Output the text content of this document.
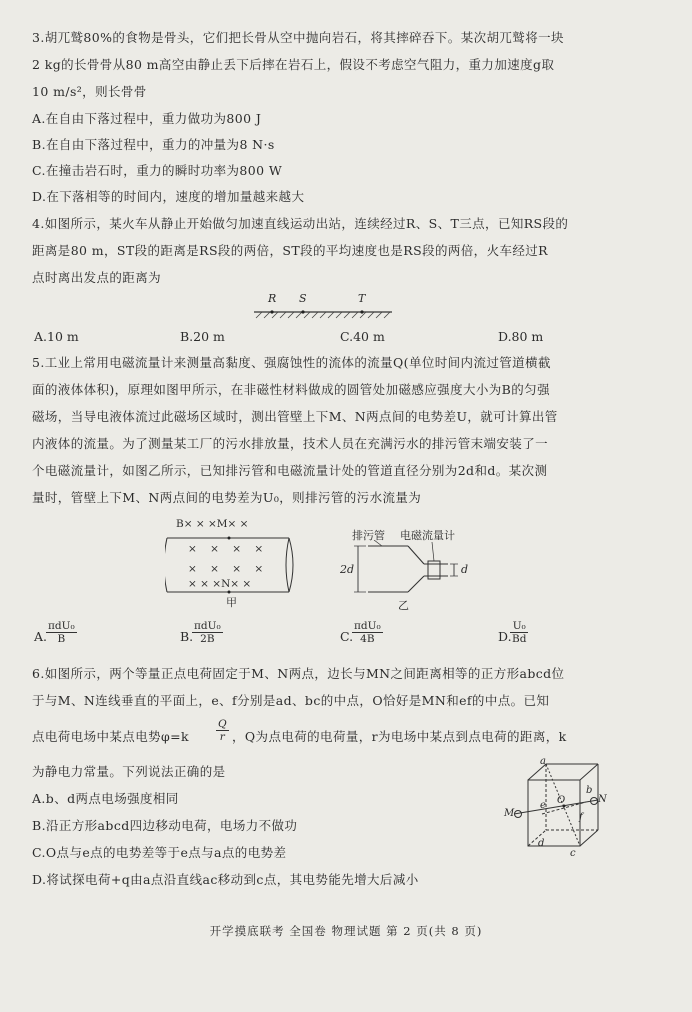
3.胡兀鹫80%的食物是骨头，它们把长骨从空中抛向岩石，将其摔碎吞下。某次胡兀鹫将一块
2 kg的长骨骨从80 m高空由静止丢下后摔在岩石上，假设不考虑空气阻力，重力加速度g取
10 m/s²，则长骨骨
A.在自由下落过程中，重力做功为800 J
B.在自由下落过程中，重力的冲量为8 N·s
C.在撞击岩石时，重力的瞬时功率为800 W
D.在下落相等的时间内，速度的增加量越来越大
4.如图所示，某火车从静止开始做匀加速直线运动出站，连续经过R、S、T三点，已知RS段的
距离是80 m，ST段的距离是RS段的两倍，ST段的平均速度也是RS段的两倍，火车经过R
点时离出发点的距离为
R S	T
A.10 m	B.20 m	C.40 m	D.80 m
5.工业上常用电磁流量计来测量高黏度、强腐蚀性的流体的流量Q(单位时间内流过管道横截
面的液体体积)，原理如图甲所示，在非磁性材料做成的圆管处加磁感应强度大小为B的匀强
磁场，当导电液体流过此磁场区域时，测出管壁上下M、N两点间的电势差U，就可计算出管
内液体的流量。为了测量某工厂的污水排放量，技术人员在充满污水的排污管末端安装了一
个电磁流量计，如图乙所示，已知排污管和电磁流量计处的管道直径分别为2d和d。某次测
量时，管壁上下M、N两点间的电势差为U₀，则排污管的污水流量为
B× × ×M× ×
× × × ×
× × × ×
× × ×N× ×
甲
排污管 电磁流量计
2d	d
乙
A.
πdU₀
B	B.
πdU₀
2B	C.
πdU₀
4B	D.
$\frac{\text{U₀}}{Bd}$
6.如图所示，两个等量正点电荷固定于M、N两点，边长与MN之间距离相等的正方形abcd位
于与M、N连线垂直的平面上，e、f分别是ad、bc的中点，O恰好是MN和ef的中点。已知
点电荷电场中某点电势φ=k	$\frac{Q}{r}$ ，Q为点电荷的电荷量，r为电场中某点到点电荷的距离，k
为静电力常量。下列说法正确的是
A.b、d两点电场强度相同
B.沿正方形abcd四边移动电荷，电场力不做功
C.O点与e点的电势差等于e点与a点的电势差
D.将试探电荷+q由a点沿直线ac移动到c点，其电势能先增大后减小
a
b
c
d
e
f
O
M
N
开学摸底联考 全国卷 物理试题 第 2 页(共 8 页)
